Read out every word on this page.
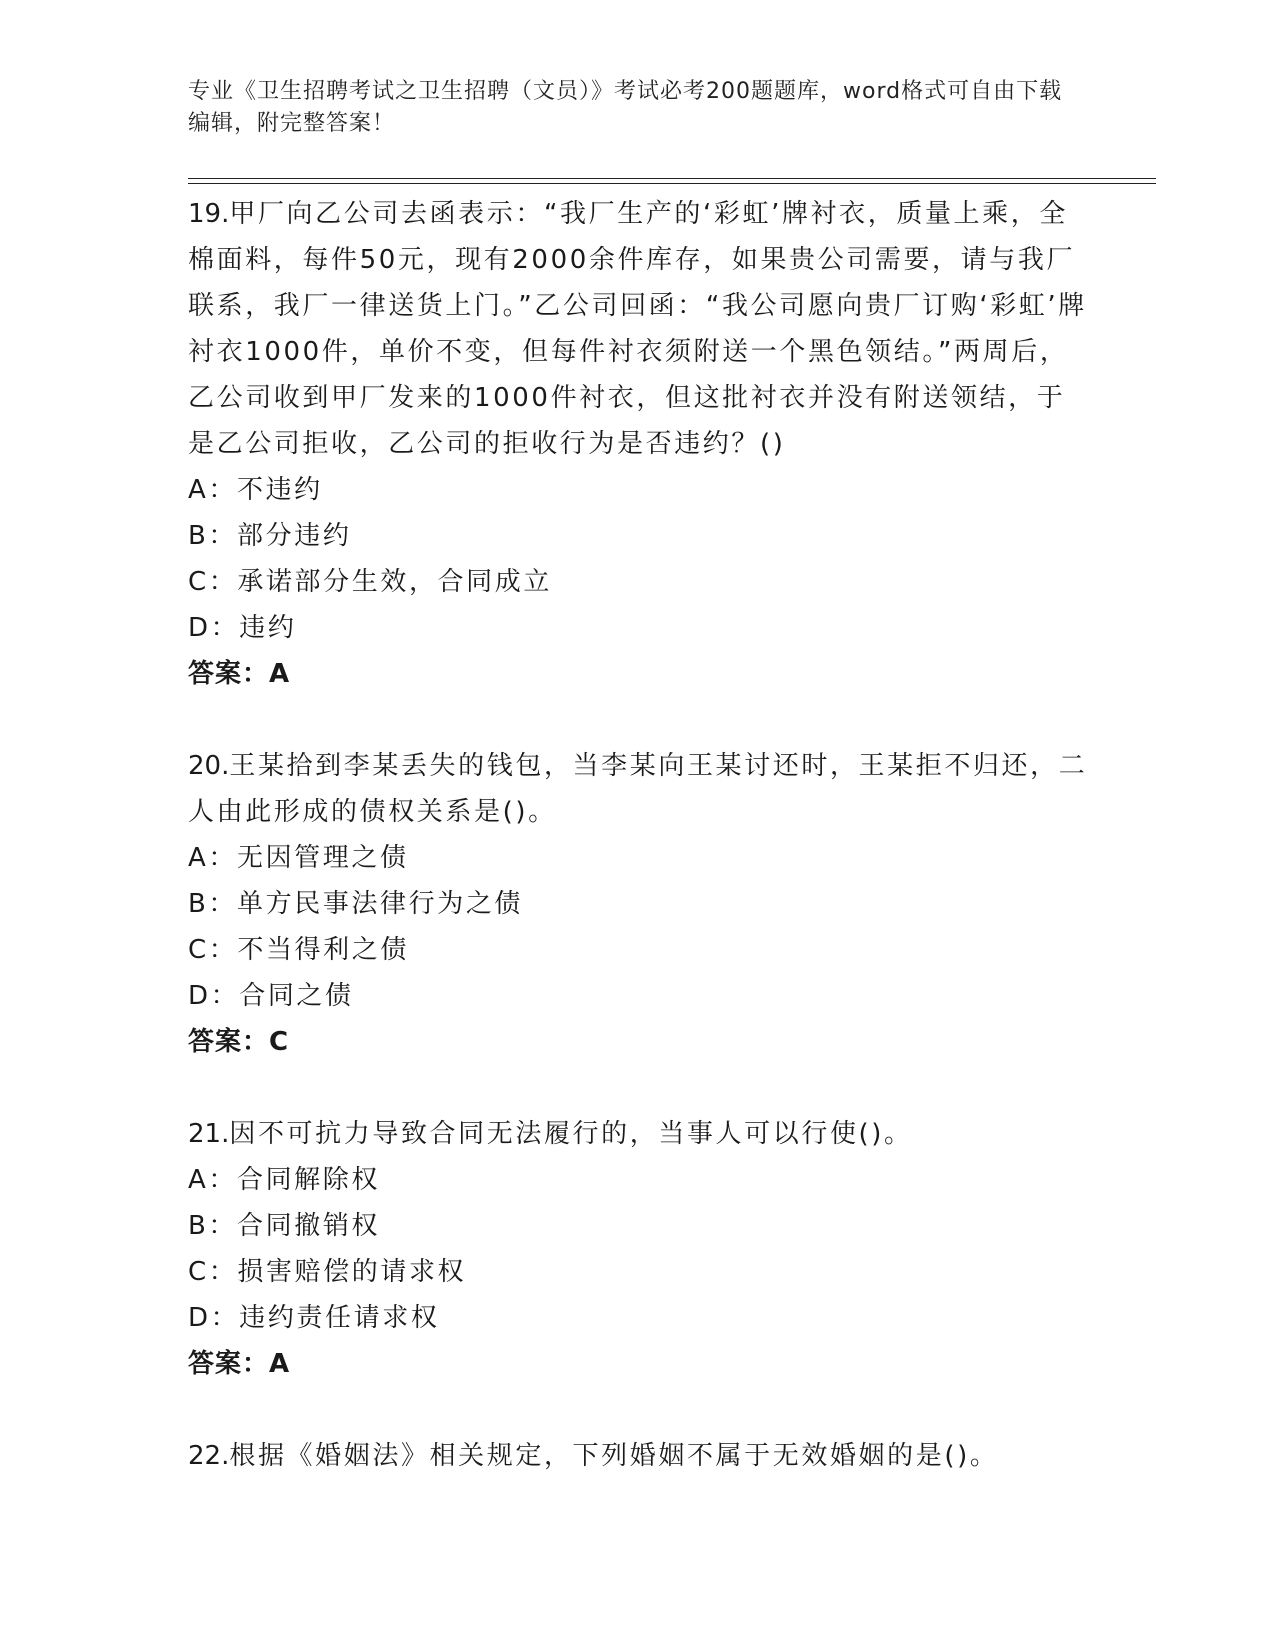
专业《卫生招聘考试之卫生招聘（文员）》考试必考200题题库，word格式可自由下载编辑，附完整答案！

19.甲厂向乙公司去函表示：“我厂生产的‘彩虹’牌衬衣，质量上乘，全棉面料，每件50元，现有2000余件库存，如果贵公司需要，请与我厂联系，我厂一律送货上门。”乙公司回函：“我公司愿向贵厂订购‘彩虹’牌衬衣1000件，单价不变，但每件衬衣须附送一个黑色领结。”两周后，乙公司收到甲厂发来的1000件衬衣，但这批衬衣并没有附送领结，于是乙公司拒收，乙公司的拒收行为是否违约？()

A：不违约

B：部分违约

C：承诺部分生效，合同成立

D：违约

答案：A

20.王某拾到李某丢失的钱包，当李某向王某讨还时，王某拒不归还，二人由此形成的债权关系是()。

A：无因管理之债

B：单方民事法律行为之债

C：不当得利之债

D：合同之债

答案：C

21.因不可抗力导致合同无法履行的，当事人可以行使()。

A：合同解除权

B：合同撤销权

C：损害赔偿的请求权

D：违约责任请求权

答案：A

22.根据《婚姻法》相关规定，下列婚姻不属于无效婚姻的是()。
